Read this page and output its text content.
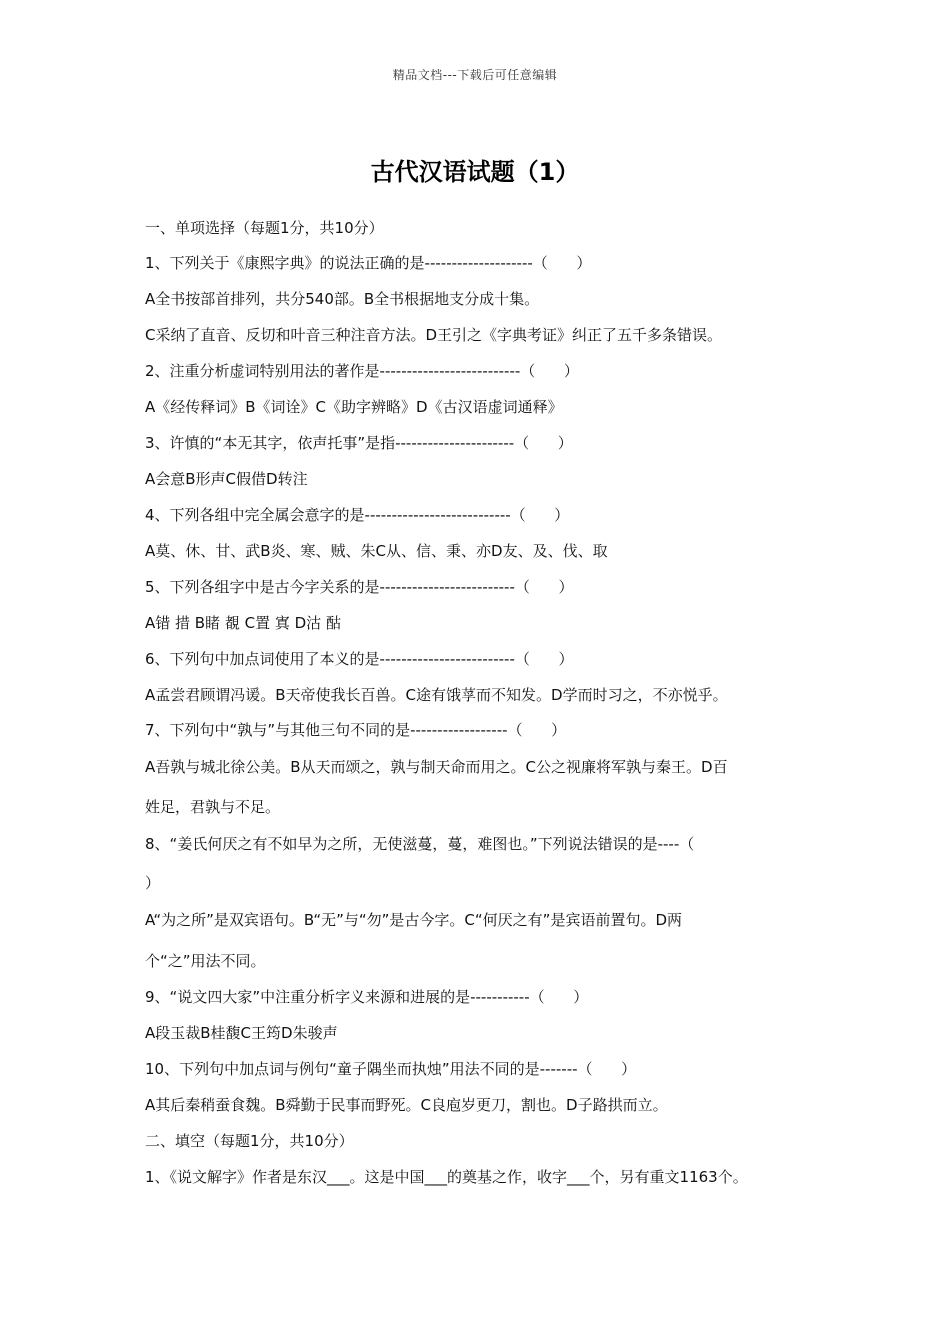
精品文档---下载后可任意编辑
古代汉语试题（1）
一、单项选择（每题1分，共10分）
1、下列关于《康熙字典》的说法正确的是--------------------（      ）
A全书按部首排列，共分540部。B全书根据地支分成十集。
C采纳了直音、反切和叶音三种注音方法。D王引之《字典考证》纠正了五千多条错误。
2、注重分析虚词特别用法的著作是--------------------------（      ）
A《经传释词》B《词诠》C《助字辨略》D《古汉语虚词通释》
3、许慎的“本无其字，依声托事”是指----------------------（      ）
A会意B形声C假借D转注
4、下列各组中完全属会意字的是---------------------------（      ）
A莫、休、甘、武B炎、寒、贼、朱C从、信、秉、亦D友、及、伐、取
5、下列各组字中是古今字关系的是-------------------------（      ）
A错 措 B睹 覩 C置 寘 D沽 酤
6、下列句中加点词使用了本义的是-------------------------（      ）
A孟尝君顾谓冯谖。B天帝使我长百兽。C途有饿莩而不知发。D学而时习之，不亦悦乎。
7、下列句中“孰与”与其他三句不同的是------------------（      ）
A吾孰与城北徐公美。B从天而颂之，孰与制天命而用之。C公之视廉将军孰与秦王。D百
姓足，君孰与不足。
8、“姜氏何厌之有不如早为之所，无使滋蔓，蔓，难图也。”下列说法错误的是----（
）
A“为之所”是双宾语句。B“无”与“勿”是古今字。C“何厌之有”是宾语前置句。D两
个“之”用法不同。
9、“说文四大家”中注重分析字义来源和进展的是-----------（      ）
A段玉裁B桂馥C王筠D朱骏声
10、下列句中加点词与例句“童子隅坐而执烛”用法不同的是-------（      ）
A其后秦稍蚕食魏。B舜勤于民事而野死。C良庖岁更刀，割也。D子路拱而立。
二、填空（每题1分，共10分）
1、《说文解字》作者是东汉___。这是中国___的奠基之作，收字___个，另有重文1163个。
